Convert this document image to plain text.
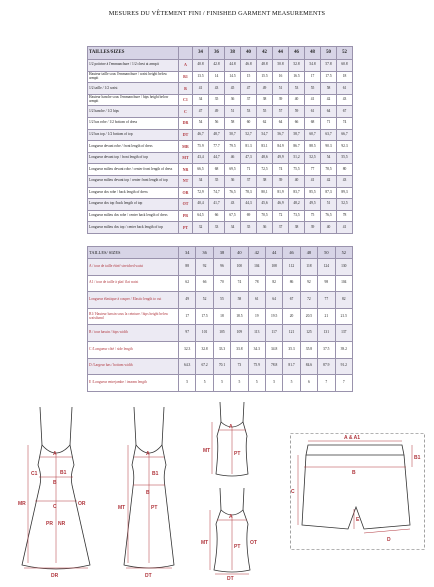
MESURES DU VÊTEMENT FINI / FINISHED GARMENT MEASUREMENTS
TAILLES/SIZES		34	36	38	40	42	44	46	48	50	52
1/2 poitrine à l'emmanchure / 1/2 chest at armpit	A	40.8	42.8	44.8	46.8	48.8	50.8	52.8	54.8	57.8	60.8
Hauteur taille sous l'emmanchure / waist height below armpit	B1	13.5	14	14.5	15	15.5	16	16.5	17	17.5	18
1/2 taille / 1/2 waist	B	41	43	45	47	49	51	53	55	58	61
Hauteur hanche sous l'emmanchure / hips height below armpit	C1	34	35	36	37	38	39	40	41	42	43
1/2 hanche / 1/2 hips	C	47	49	51	53	55	57	59	61	64	67
1/2 bas robe / 1/2 bottom of dress	DR	54	56	58	60	62	64	66	68	71	74
1/2 bas top / 1/2 bottom of top	DT	46,7	48,7	50,7	52,7	54,7	56,7	58,7	60,7	63,7	66,7
Longueur devant robe / front length of dress	MR	75.9	77.7	79.5	81.3	83.1	84.9	86.7	88.5	90.3	92.3
Longueur devant top / front length of top	MT	43,4	44,7	46	47,3	48,6	49,9	51,2	52,5	54	55,5
Longueur milieu devant robe / center front length of dress	NR	66,5	68	69,5	71	72,5	74	75,5	77	78,5	80
Longueur milieu devant top / center front length of top	NT	34	35	36	37	38	39	40	41	42	43
Longueur dos robe / back length of dress	OR	72,9	74,7	76,5	78,3	80,1	81,9	83,7	85,5	87,3	89,3
Longueur dos top /back length of top	OT	40,4	41,7	43	44,3	45,6	46,9	48,2	49,5	51	52,5
Longueur milieu dos robe / center back length of dress	PR	64,5	66	67,5	69	70,5	72	73,5	75	76,5	78
Longueur milieu dos top / center back length of top	PT	32	33	34	35	36	37	38	39	40	41
TAILLES/ SIZES	34	36	38	40	42	44	46	48	50	52
A / tour de taille étiré/ stretched waist	88	92	96	100	104	108	112	118	124	130
A1 / tour de taille à plat/ flat waist	62	66	70	74	78	82	86	92	98	104
Longueur élastique à couper / Elastic length to cut	49	52	55	58	61	64	67	72	77	82
B1/ Hauteur bassin sous la ceinture / hips height below waistband	17	17.5	18	18.5	19	19.5	20	20.5	21	21.5
B / tour bassin / hips width	97	101	105	109	113	117	121	125	131	137
C /Longueur côté / side length	32.3	32.8	33.3	33.8	34.3	34.8	35.3	35.8	37.5	39.2
D /Largeur bas / bottom width	64.3	67.2	70.1	73	75.9	78.8	81.7	84.6	87.9	91.2
E /Longueur entrejambe / inseam length	5	5	5	5	5	5	5	6	7	7
A
B1
C1
B
C
MR	OR
NR
PR
DR
A
B1
B
MT	PT
DT
A
MT	PT
A
MT	OT
PT
DT
A & A1
B1
B
C
E
D
